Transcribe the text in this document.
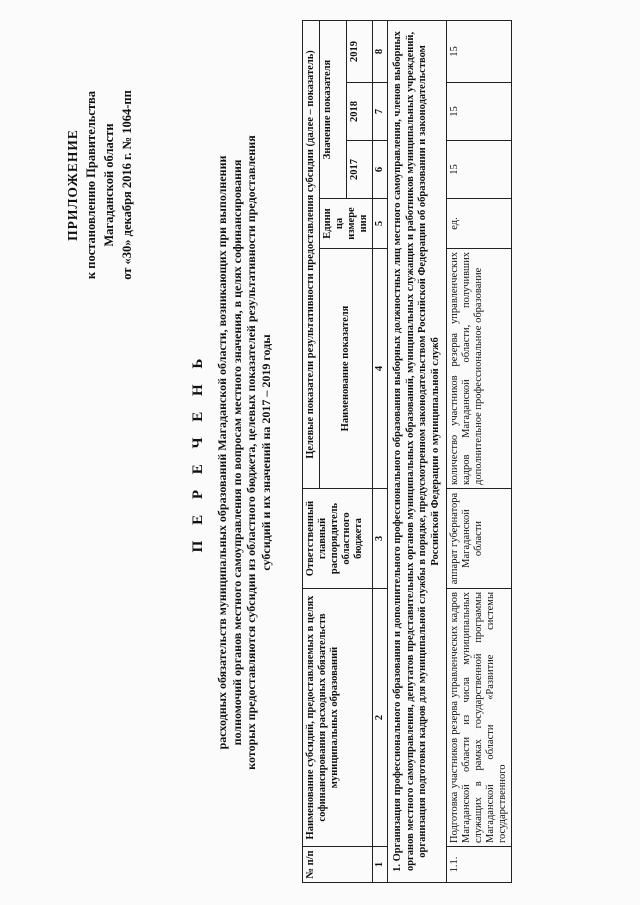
ПРИЛОЖЕНИЕ к постановлению Правительства Магаданской области от «30» декабря 2016 г. № 1064-пп
П Е Р Е Ч Е Н Ь расходных обязательств муниципальных образований Магаданской области, возникающих при выполнении полномочий органов местного самоуправления по вопросам местного значения, в целях софинансирования которых предоставляются субсидии из областного бюджета, целевых показателей результативности предоставления субсидий и их значений на 2017 – 2019 годы
№ п/п	Наименование субсидий, предоставляемых в целях софинансирования расходных обязательств муниципальных образований	Ответственный главный распорядитель областного бюджета	Целевые показатели результативности предоставления субсидии (далее – показатель)				
			Наименование показателя	Едини ца измере ния	Значение показателя		
					2017	2018	2019
1	2	3	4	5	6	7	8
1. Организация профессионального образования и дополнительного профессионального образования выборных должностных лиц местного самоуправления, членов выборных органов местного самоуправления, депутатов представительных органов муниципальных образований, муниципальных служащих и работников муниципальных учреждений, организация подготовки кадров для муниципальной службы в порядке, предусмотренном законодательством Российской Федерации об образовании и законодательством Российской Федерации о муниципальной служб							
1.1.	Подготовка участников резерва управленческих кадров Магаданской области из числа муниципальных служащих в рамках государственной программы Магаданской области «Развитие системы государственного	аппарат губернатора Магаданской области	количество участников резерва управленческих кадров Магаданской области, получивших дополнительное профессиональное образование	ед.	15	15	15
